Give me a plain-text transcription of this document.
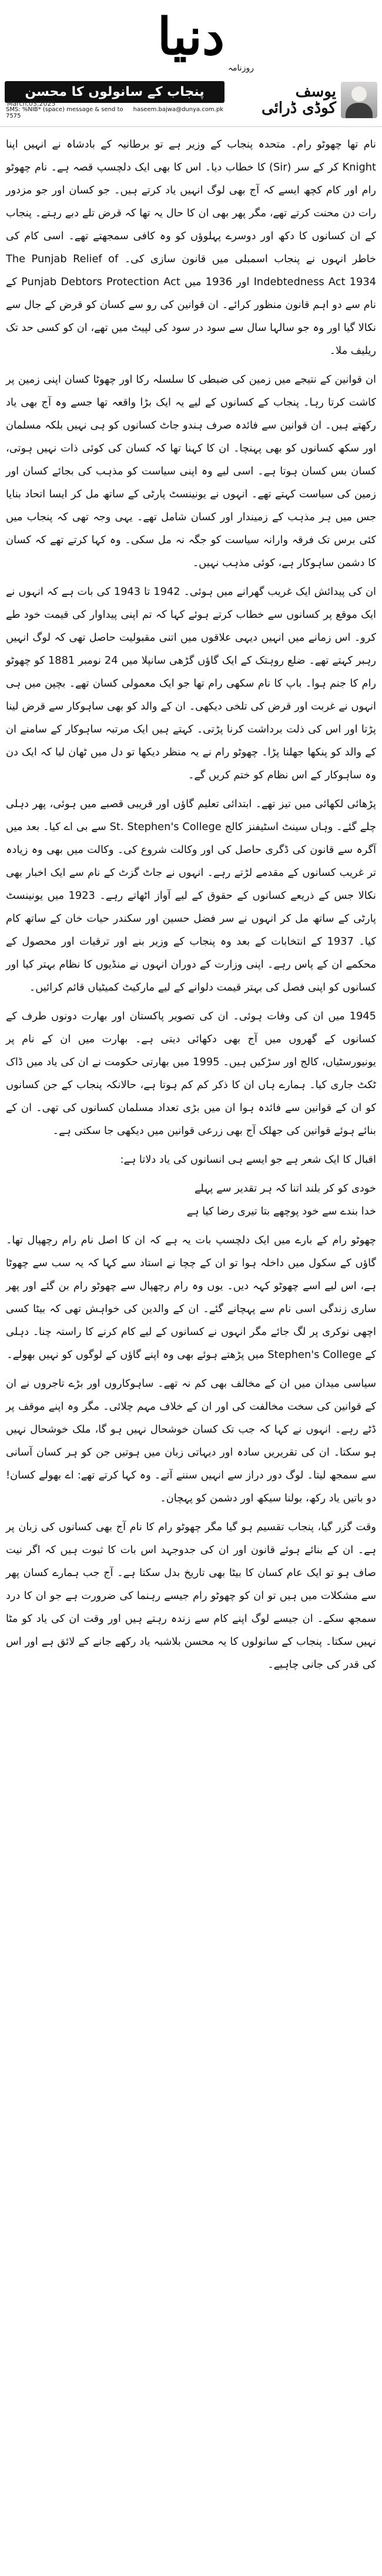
دنیا
روزنامہ
یوسف
کوڈی ڈرائی
پنجاب کے سانولوں کا محسن
SMS: %NIB* (space) message & send to 7575
haseem.bajwa@dunya.com.pk
March,03,2025

نام تھا چھوٹو رام۔ متحدہ پنجاب کے وزیر ہے تو برطانیہ کے بادشاہ نے انہیں اپنا Knight کر کے سر (Sir) کا خطاب دیا۔ اس کا بھی ایک دلچسپ قصہ ہے۔ نام چھوٹو رام اور کام کچھ ایسے کہ آج بھی لوگ انہیں یاد کرتے ہیں۔ جو کسان اور جو مزدور رات دن محنت کرتے تھے، مگر پھر بھی ان کا حال یہ تھا کہ قرض تلے دبے رہتے۔ پنجاب کے ان کسانوں کا دکھ اور دوسرے پہلوؤں کو وہ کافی سمجھتے تھے۔ اسی کام کی خاطر انہوں نے پنجاب اسمبلی میں قانون سازی کی۔ The Punjab Relief of Indebtedness Act 1934 اور 1936 میں Punjab Debtors Protection Act کے نام سے دو اہم قانون منظور کرائے۔ ان قوانین کی رو سے کسان کو قرض کے جال سے نکالا گیا اور وہ جو سالہا سال سے سود در سود کی لپیٹ میں تھے، ان کو کسی حد تک ریلیف ملا۔

ان قوانین کے نتیجے میں زمین کی ضبطی کا سلسلہ رکا اور چھوٹا کسان اپنی زمین پر کاشت کرتا رہا۔ پنجاب کے کسانوں کے لیے یہ ایک بڑا واقعہ تھا جسے وہ آج بھی یاد رکھتے ہیں۔ ان قوانین سے فائدہ صرف ہندو جاٹ کسانوں کو ہی نہیں بلکہ مسلمان اور سکھ کسانوں کو بھی پہنچا۔ ان کا کہنا تھا کہ کسان کی کوئی ذات نہیں ہوتی، کسان بس کسان ہوتا ہے۔ اسی لیے وہ اپنی سیاست کو مذہب کی بجائے کسان اور زمین کی سیاست کہتے تھے۔ انہوں نے یونینسٹ پارٹی کے ساتھ مل کر ایسا اتحاد بنایا جس میں ہر مذہب کے زمیندار اور کسان شامل تھے۔ یہی وجہ تھی کہ پنجاب میں کئی برس تک فرقہ وارانہ سیاست کو جگہ نہ مل سکی۔ وہ کہا کرتے تھے کہ کسان کا دشمن ساہوکار ہے، کوئی مذہب نہیں۔

ان کی پیدائش ایک غریب گھرانے میں ہوئی۔ 1942 تا 1943 کی بات ہے کہ انہوں نے ایک موقع پر کسانوں سے خطاب کرتے ہوئے کہا کہ تم اپنی پیداوار کی قیمت خود طے کرو۔ اس زمانے میں انہیں دیہی علاقوں میں اتنی مقبولیت حاصل تھی کہ لوگ انہیں رہبر کہتے تھے۔ ضلع روہتک کے ایک گاؤں گڑھی سانپلا میں 24 نومبر 1881 کو چھوٹو رام کا جنم ہوا۔ باپ کا نام سکھی رام تھا جو ایک معمولی کسان تھے۔ بچپن میں ہی انہوں نے غربت اور قرض کی تلخی دیکھی۔ ان کے والد کو بھی ساہوکار سے قرض لینا پڑتا اور اس کی ذلت برداشت کرنا پڑتی۔ کہتے ہیں ایک مرتبہ ساہوکار کے سامنے ان کے والد کو پنکھا جھلنا پڑا۔ چھوٹو رام نے یہ منظر دیکھا تو دل میں ٹھان لیا کہ ایک دن وہ ساہوکار کے اس نظام کو ختم کریں گے۔

پڑھائی لکھائی میں تیز تھے۔ ابتدائی تعلیم گاؤں اور قریبی قصبے میں ہوئی، پھر دہلی چلے گئے۔ وہاں سینٹ اسٹیفنز کالج St. Stephen's College سے بی اے کیا۔ بعد میں آگرہ سے قانون کی ڈگری حاصل کی اور وکالت شروع کی۔ وکالت میں بھی وہ زیادہ تر غریب کسانوں کے مقدمے لڑتے رہے۔ انہوں نے جاٹ گزٹ کے نام سے ایک اخبار بھی نکالا جس کے ذریعے کسانوں کے حقوق کے لیے آواز اٹھاتے رہے۔ 1923 میں یونینسٹ پارٹی کے ساتھ مل کر انہوں نے سر فضل حسین اور سکندر حیات خان کے ساتھ کام کیا۔ 1937 کے انتخابات کے بعد وہ پنجاب کے وزیر بنے اور ترقیات اور محصول کے محکمے ان کے پاس رہے۔ اپنی وزارت کے دوران انہوں نے منڈیوں کا نظام بہتر کیا اور کسانوں کو اپنی فصل کی بہتر قیمت دلوانے کے لیے مارکیٹ کمیٹیاں قائم کرائیں۔

1945 میں ان کی وفات ہوئی۔ ان کی تصویر پاکستان اور بھارت دونوں طرف کے کسانوں کے گھروں میں آج بھی دکھائی دیتی ہے۔ بھارت میں ان کے نام پر یونیورسٹیاں، کالج اور سڑکیں ہیں۔ 1995 میں بھارتی حکومت نے ان کی یاد میں ڈاک ٹکٹ جاری کیا۔ ہمارے ہاں ان کا ذکر کم کم ہوتا ہے، حالانکہ پنجاب کے جن کسانوں کو ان کے قوانین سے فائدہ ہوا ان میں بڑی تعداد مسلمان کسانوں کی تھی۔ ان کے بنائے ہوئے قوانین کی جھلک آج بھی زرعی قوانین میں دیکھی جا سکتی ہے۔

اقبال کا ایک شعر ہے جو ایسے ہی انسانوں کی یاد دلاتا ہے:

خودی کو کر بلند اتنا کہ ہر تقدیر سے پہلے
خدا بندے سے خود پوچھے بتا تیری رضا کیا ہے

چھوٹو رام کے بارے میں ایک دلچسپ بات یہ ہے کہ ان کا اصل نام رام رچھپال تھا۔ گاؤں کے سکول میں داخلہ ہوا تو ان کے چچا نے استاد سے کہا کہ یہ سب سے چھوٹا ہے، اس لیے اسے چھوٹو کہہ دیں۔ یوں وہ رام رچھپال سے چھوٹو رام بن گئے اور پھر ساری زندگی اسی نام سے پہچانے گئے۔ ان کے والدین کی خواہش تھی کہ بیٹا کسی اچھی نوکری پر لگ جائے مگر انہوں نے کسانوں کے لیے کام کرنے کا راستہ چنا۔ دہلی کے Stephen's College میں پڑھتے ہوئے بھی وہ اپنے گاؤں کے لوگوں کو نہیں بھولے۔

سیاسی میدان میں ان کے مخالف بھی کم نہ تھے۔ ساہوکاروں اور بڑے تاجروں نے ان کے قوانین کی سخت مخالفت کی اور ان کے خلاف مہم چلائی۔ مگر وہ اپنے موقف پر ڈٹے رہے۔ انہوں نے کہا کہ جب تک کسان خوشحال نہیں ہو گا، ملک خوشحال نہیں ہو سکتا۔ ان کی تقریریں سادہ اور دیہاتی زبان میں ہوتیں جن کو ہر کسان آسانی سے سمجھ لیتا۔ لوگ دور دراز سے انہیں سننے آتے۔ وہ کہا کرتے تھے: اے بھولے کسان! دو باتیں یاد رکھ، بولنا سیکھ اور دشمن کو پہچان۔

وقت گزر گیا، پنجاب تقسیم ہو گیا مگر چھوٹو رام کا نام آج بھی کسانوں کی زبان پر ہے۔ ان کے بنائے ہوئے قانون اور ان کی جدوجہد اس بات کا ثبوت ہیں کہ اگر نیت صاف ہو تو ایک عام کسان کا بیٹا بھی تاریخ بدل سکتا ہے۔ آج جب ہمارے کسان پھر سے مشکلات میں ہیں تو ان کو چھوٹو رام جیسے رہنما کی ضرورت ہے جو ان کا درد سمجھ سکے۔ ان جیسے لوگ اپنے کام سے زندہ رہتے ہیں اور وقت ان کی یاد کو مٹا نہیں سکتا۔ پنجاب کے سانولوں کا یہ محسن بلاشبہ یاد رکھے جانے کے لائق ہے اور اس کی قدر کی جانی چاہیے۔
